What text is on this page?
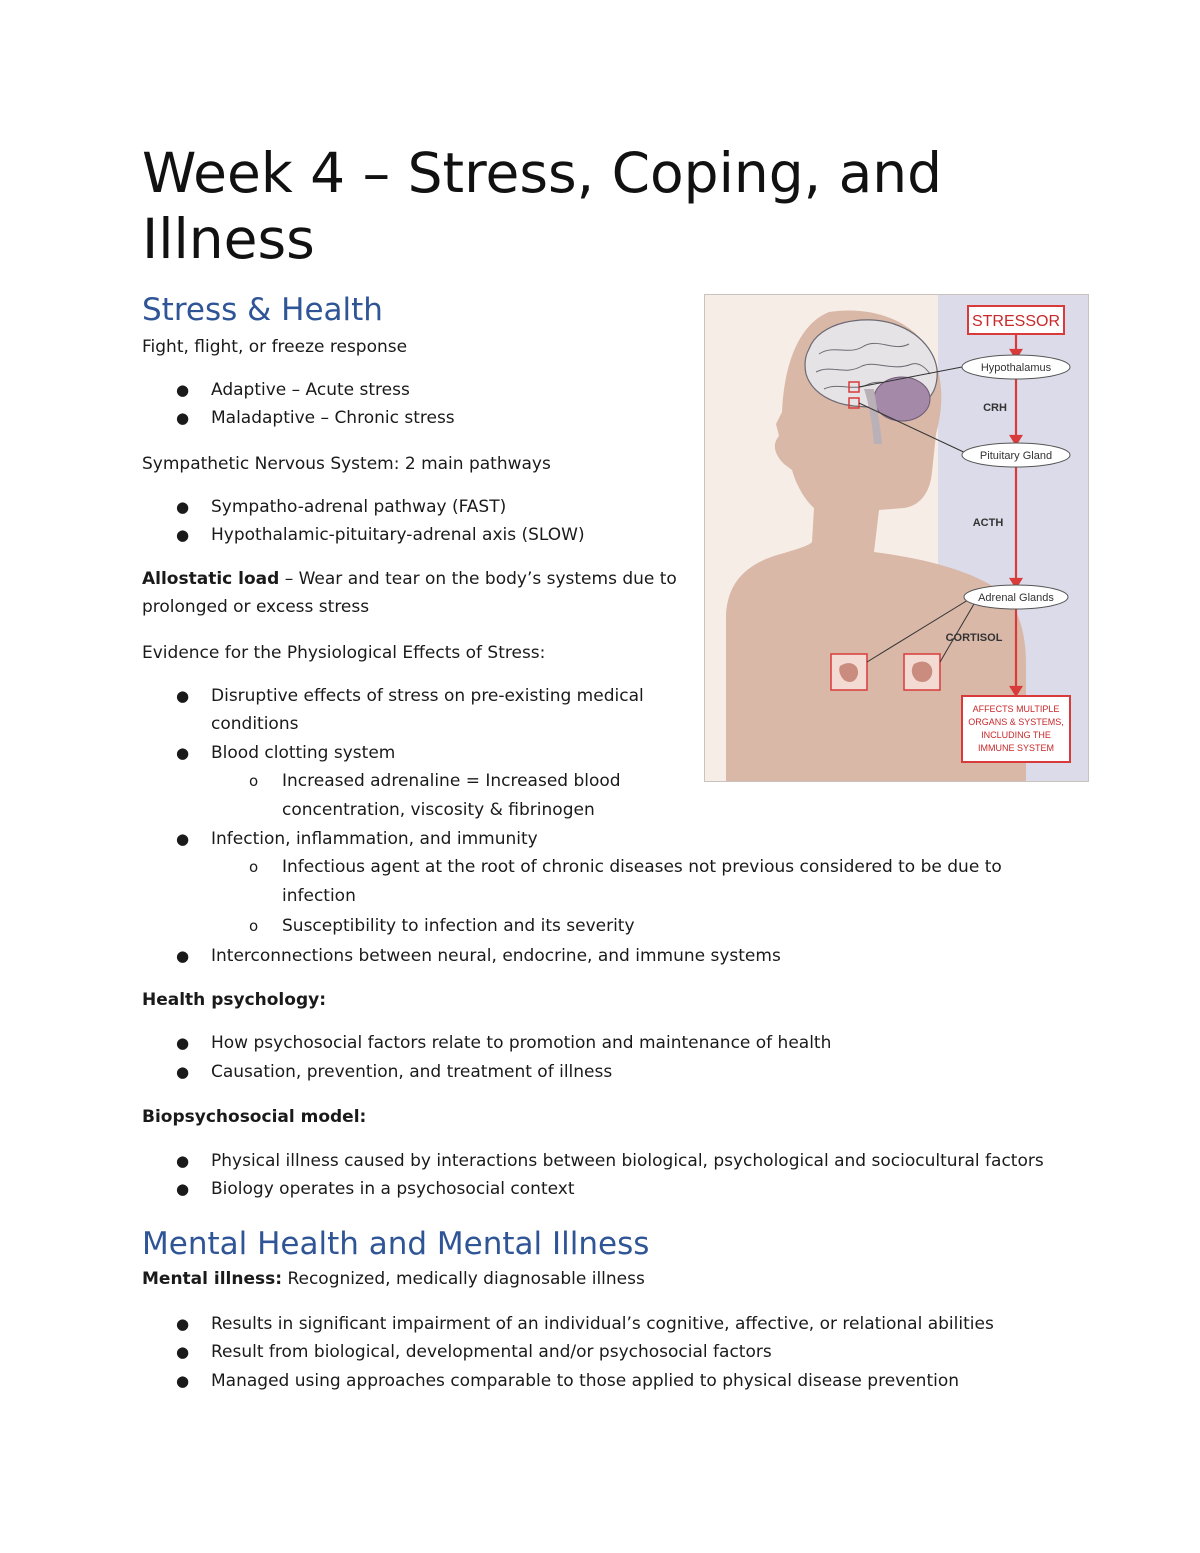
Week 4 – Stress, Coping, and Illness
Stress & Health

Fight, flight, or freeze response

● Adaptive – Acute stress

● Maladaptive – Chronic stress

Sympathetic Nervous System: 2 main pathways

● Sympatho-adrenal pathway (FAST)

● Hypothalamic-pituitary-adrenal axis (SLOW)

Allostatic load – Wear and tear on the body’s systems due to

prolonged or excess stress

Evidence for the Physiological Effects of Stress:

● Disruptive effects of stress on pre-existing medical

conditions

● Blood clotting system

o Increased adrenaline = Increased blood

concentration, viscosity & fibrinogen

● Infection, inflammation, and immunity

o Infectious agent at the root of chronic diseases not previous considered to be due to

infection

o Susceptibility to infection and its severity

● Interconnections between neural, endocrine, and immune systems

Health psychology:

● How psychosocial factors relate to promotion and maintenance of health

● Causation, prevention, and treatment of illness

Biopsychosocial model:

● Physical illness caused by interactions between biological, psychological and sociocultural factors

● Biology operates in a psychosocial context

Mental Health and Mental Illness

Mental illness: Recognized, medically diagnosable illness

● Results in significant impairment of an individual’s cognitive, affective, or relational abilities

● Result from biological, developmental and/or psychosocial factors

● Managed using approaches comparable to those applied to physical disease prevention

STRESSOR
Hypothalamus
CRH
Pituitary Gland
ACTH
Adrenal Glands
CORTISOL
AFFECTS MULTIPLE
ORGANS & SYSTEMS,
INCLUDING THE
IMMUNE SYSTEM
